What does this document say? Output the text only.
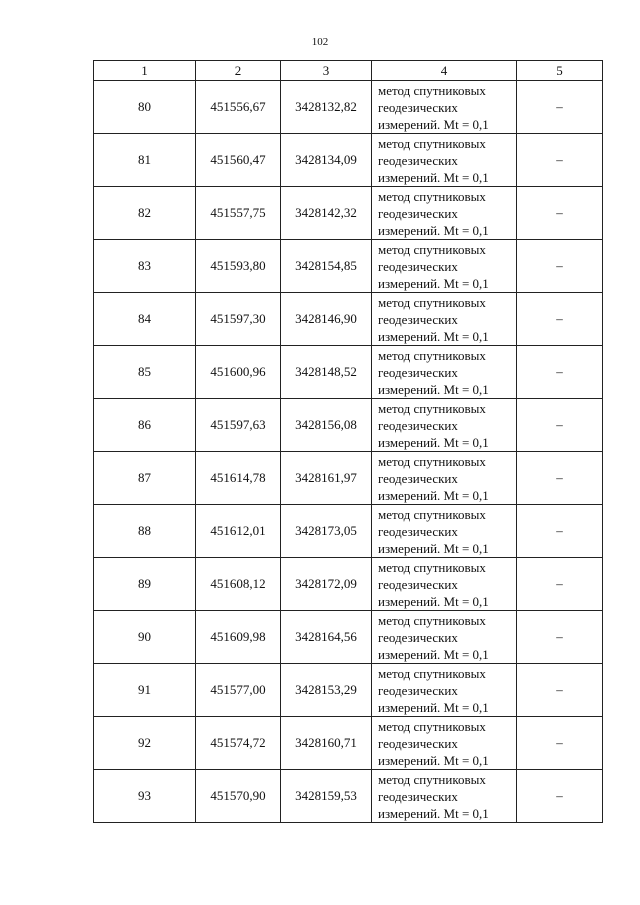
102
1	2	3	4	5
80	451556,67	3428132,82	метод спутниковых
геодезических
измерений. Mt = 0,1	–
81	451560,47	3428134,09	метод спутниковых
геодезических
измерений. Mt = 0,1	–
82	451557,75	3428142,32	метод спутниковых
геодезических
измерений. Mt = 0,1	–
83	451593,80	3428154,85	метод спутниковых
геодезических
измерений. Mt = 0,1	–
84	451597,30	3428146,90	метод спутниковых
геодезических
измерений. Mt = 0,1	–
85	451600,96	3428148,52	метод спутниковых
геодезических
измерений. Mt = 0,1	–
86	451597,63	3428156,08	метод спутниковых
геодезических
измерений. Mt = 0,1	–
87	451614,78	3428161,97	метод спутниковых
геодезических
измерений. Mt = 0,1	–
88	451612,01	3428173,05	метод спутниковых
геодезических
измерений. Mt = 0,1	–
89	451608,12	3428172,09	метод спутниковых
геодезических
измерений. Mt = 0,1	–
90	451609,98	3428164,56	метод спутниковых
геодезических
измерений. Mt = 0,1	–
91	451577,00	3428153,29	метод спутниковых
геодезических
измерений. Mt = 0,1	–
92	451574,72	3428160,71	метод спутниковых
геодезических
измерений. Mt = 0,1	–
93	451570,90	3428159,53	метод спутниковых
геодезических
измерений. Mt = 0,1	–
